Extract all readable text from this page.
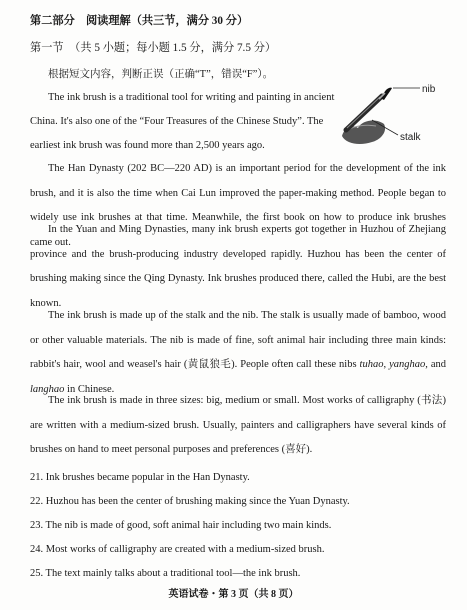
第二部分　阅读理解（共三节，满分 30 分）
第一节　（共 5 小题；每小题 1.5 分，满分 7.5 分）
根据短文内容，判断正误（正确“T”，错误“F”）。
nib
stalk
The ink brush is a traditional tool for writing and painting in ancient
China. It's also one of the “Four Treasures of the Chinese Study”. The
earliest ink brush was found more than 2,500 years ago.
The Han Dynasty (202 BC—220 AD) is an important period for the development of the ink brush, and it is also the time when Cai Lun improved the paper-making method. People began to widely use ink brushes at that time. Meanwhile, the first book on how to produce ink brushes came out.
In the Yuan and Ming Dynasties, many ink brush experts got together in Huzhou of Zhejiang province and the brush-producing industry developed rapidly. Huzhou has been the center of brushing making since the Qing Dynasty. Ink brushes produced there, called the Hubi, are the best known.
The ink brush is made up of the stalk and the nib. The stalk is usually made of bamboo, wood or other valuable materials. The nib is made of fine, soft animal hair including three main kinds: rabbit's hair, wool and weasel's hair (黄鼠狼毛). People often call these nibs tuhao, yanghao, and langhao in Chinese.
The ink brush is made in three sizes: big, medium or small. Most works of calligraphy (书法) are written with a medium-sized brush. Usually, painters and calligraphers have several kinds of brushes on hand to meet personal purposes and preferences (喜好).
21. Ink brushes became popular in the Han Dynasty.
22. Huzhou has been the center of brushing making since the Yuan Dynasty.
23. The nib is made of good, soft animal hair including two main kinds.
24. Most works of calligraphy are created with a medium-sized brush.
25. The text mainly talks about a traditional tool—the ink brush.
英语试卷・第 3 页（共 8 页）
